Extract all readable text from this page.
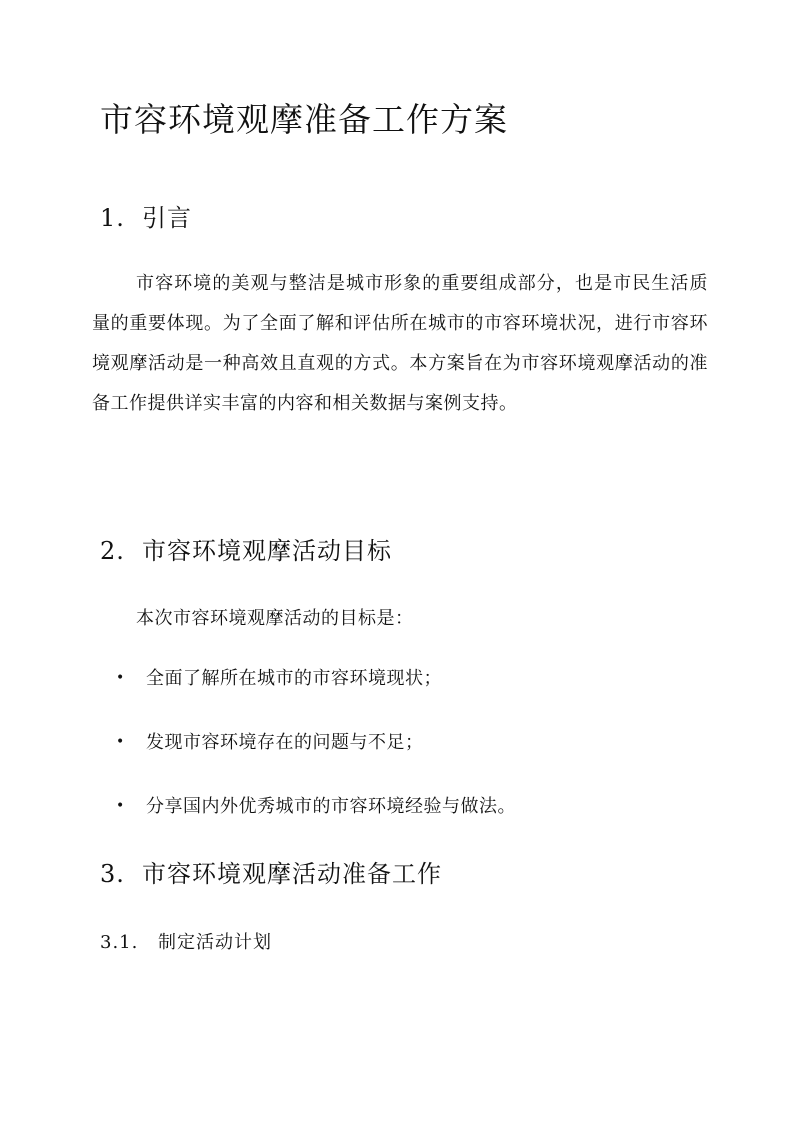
市容环境观摩准备工作方案
1. 引言

市容环境的美观与整洁是城市形象的重要组成部分，也是市民生活质量的重要体现。为了全面了解和评估所在城市的市容环境状况，进行市容环境观摩活动是一种高效且直观的方式。本方案旨在为市容环境观摩活动的准备工作提供详实丰富的内容和相关数据与案例支持。

2. 市容环境观摩活动目标

本次市容环境观摩活动的目标是：

• 全面了解所在城市的市容环境现状；
• 发现市容环境存在的问题与不足；
• 分享国内外优秀城市的市容环境经验与做法。
3. 市容环境观摩活动准备工作
3.1. 制定活动计划
